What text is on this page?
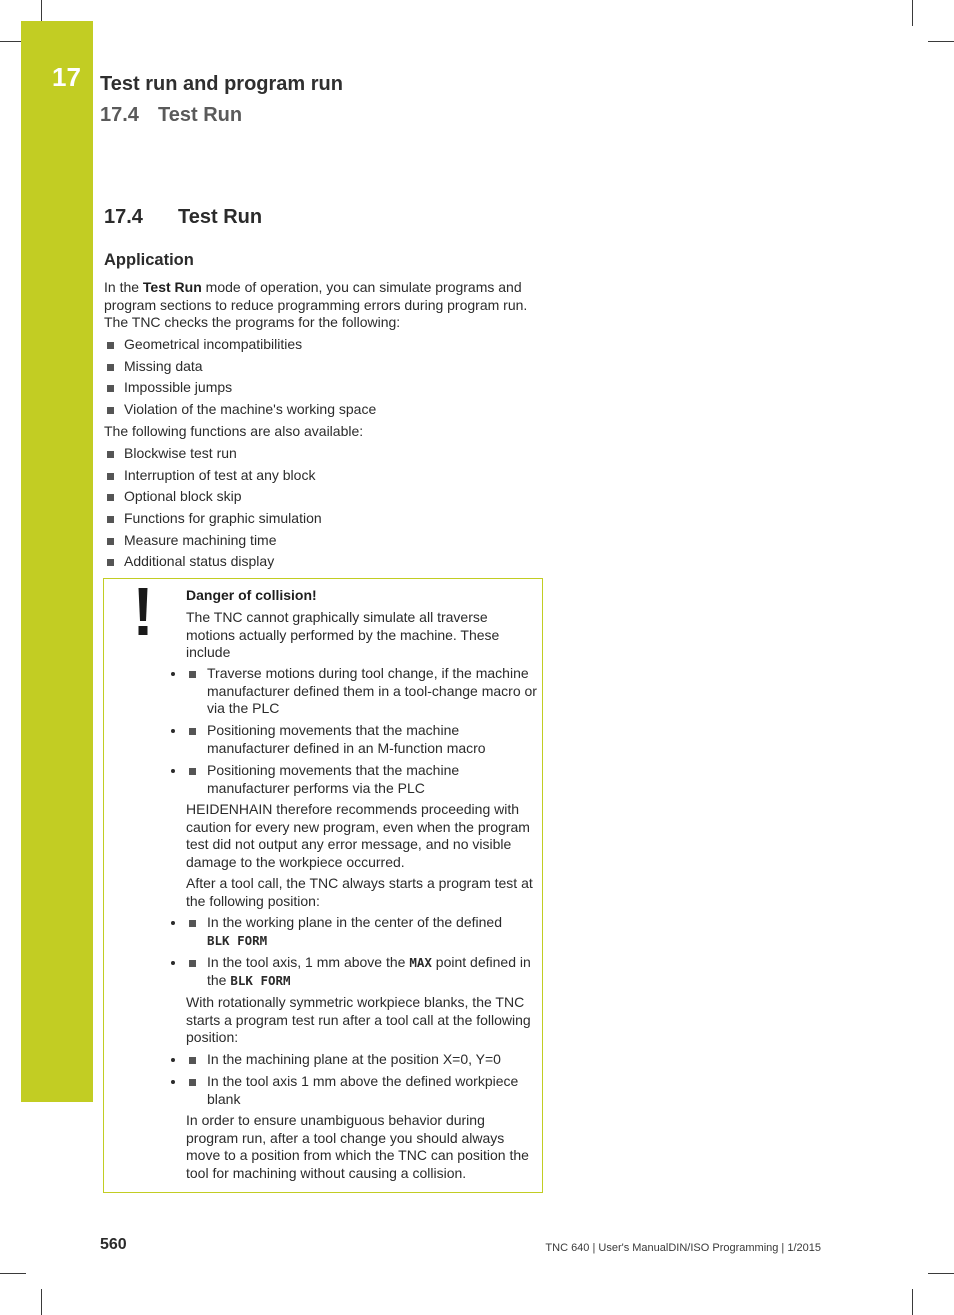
17 Test run and program run
17.4 Test Run
17.4 Test Run
Application
In the Test Run mode of operation, you can simulate programs and program sections to reduce programming errors during program run. The TNC checks the programs for the following:
Geometrical incompatibilities
Missing data
Impossible jumps
Violation of the machine's working space
The following functions are also available:
Blockwise test run
Interruption of test at any block
Optional block skip
Functions for graphic simulation
Measure machining time
Additional status display
Danger of collision!
The TNC cannot graphically simulate all traverse motions actually performed by the machine. These include
• Traverse motions during tool change, if the machine manufacturer defined them in a tool-change macro or via the PLC
• Positioning movements that the machine manufacturer defined in an M-function macro
• Positioning movements that the machine manufacturer performs via the PLC
HEIDENHAIN therefore recommends proceeding with caution for every new program, even when the program test did not output any error message, and no visible damage to the workpiece occurred.
After a tool call, the TNC always starts a program test at the following position:
• In the working plane in the center of the defined
BLK FORM
• In the tool axis, 1 mm above the MAX point defined in the BLK FORM
With rotationally symmetric workpiece blanks, the TNC starts a program test run after a tool call at the following position:
• In the machining plane at the position X=0, Y=0
• In the tool axis 1 mm above the defined workpiece blank
In order to ensure unambiguous behavior during program run, after a tool change you should always move to a position from which the TNC can position the tool for machining without causing a collision.
560	TNC 640 | User's ManualDIN/ISO Programming | 1/2015
